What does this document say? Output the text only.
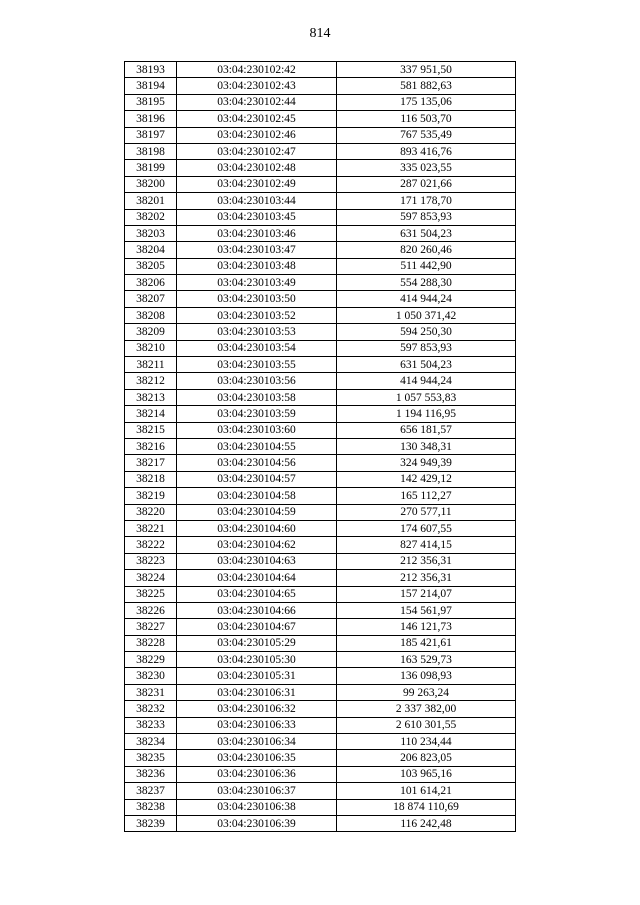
814
38193	03:04:230102:42	337 951,50
38194	03:04:230102:43	581 882,63
38195	03:04:230102:44	175 135,06
38196	03:04:230102:45	116 503,70
38197	03:04:230102:46	767 535,49
38198	03:04:230102:47	893 416,76
38199	03:04:230102:48	335 023,55
38200	03:04:230102:49	287 021,66
38201	03:04:230103:44	171 178,70
38202	03:04:230103:45	597 853,93
38203	03:04:230103:46	631 504,23
38204	03:04:230103:47	820 260,46
38205	03:04:230103:48	511 442,90
38206	03:04:230103:49	554 288,30
38207	03:04:230103:50	414 944,24
38208	03:04:230103:52	1 050 371,42
38209	03:04:230103:53	594 250,30
38210	03:04:230103:54	597 853,93
38211	03:04:230103:55	631 504,23
38212	03:04:230103:56	414 944,24
38213	03:04:230103:58	1 057 553,83
38214	03:04:230103:59	1 194 116,95
38215	03:04:230103:60	656 181,57
38216	03:04:230104:55	130 348,31
38217	03:04:230104:56	324 949,39
38218	03:04:230104:57	142 429,12
38219	03:04:230104:58	165 112,27
38220	03:04:230104:59	270 577,11
38221	03:04:230104:60	174 607,55
38222	03:04:230104:62	827 414,15
38223	03:04:230104:63	212 356,31
38224	03:04:230104:64	212 356,31
38225	03:04:230104:65	157 214,07
38226	03:04:230104:66	154 561,97
38227	03:04:230104:67	146 121,73
38228	03:04:230105:29	185 421,61
38229	03:04:230105:30	163 529,73
38230	03:04:230105:31	136 098,93
38231	03:04:230106:31	99 263,24
38232	03:04:230106:32	2 337 382,00
38233	03:04:230106:33	2 610 301,55
38234	03:04:230106:34	110 234,44
38235	03:04:230106:35	206 823,05
38236	03:04:230106:36	103 965,16
38237	03:04:230106:37	101 614,21
38238	03:04:230106:38	18 874 110,69
38239	03:04:230106:39	116 242,48
